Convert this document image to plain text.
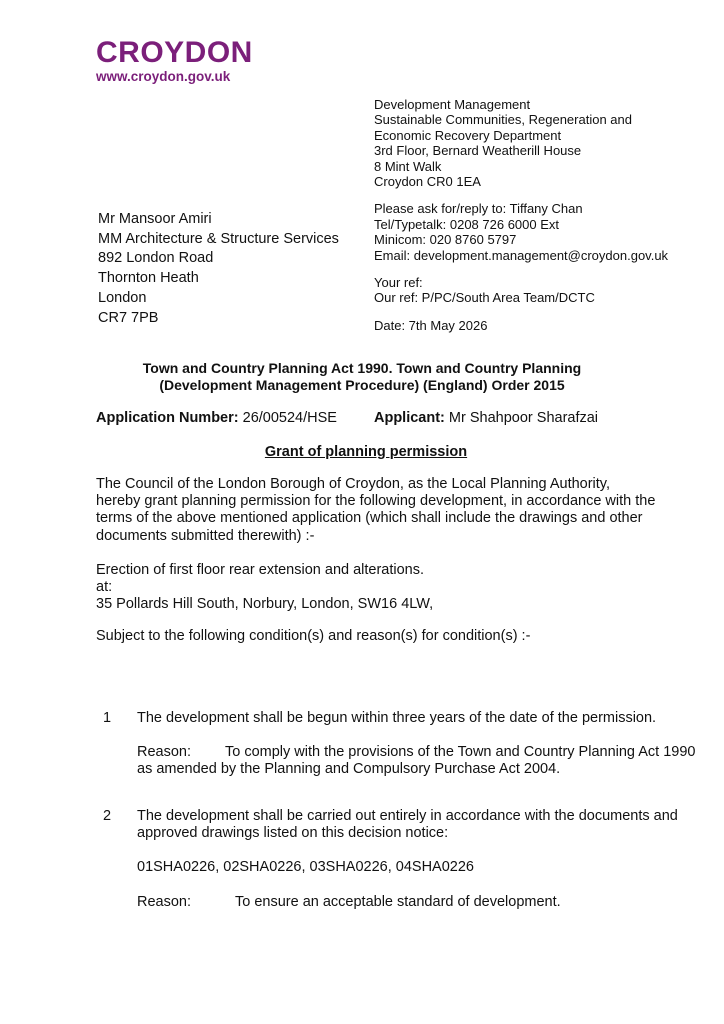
CROYDON
www.croydon.gov.uk
Development Management
Sustainable Communities, Regeneration and
Economic Recovery Department
3rd Floor, Bernard Weatherill House
8 Mint Walk
Croydon CR0 1EA
Please ask for/reply to: Tiffany Chan
Tel/Typetalk: 0208 726 6000 Ext
Minicom: 020 8760 5797
Email: development.management@croydon.gov.uk
Your ref:
Our ref: P/PC/South Area Team/DCTC
Date: 7th May 2026
Mr Mansoor Amiri
MM Architecture & Structure Services
892 London Road
Thornton Heath
London
CR7 7PB
Town and Country Planning Act 1990. Town and Country Planning
(Development Management Procedure) (England) Order 2015
Application Number: 26/00524/HSE	Applicant: Mr Shahpoor Sharafzai
Grant of planning permission
The Council of the London Borough of Croydon, as the Local Planning Authority, hereby grant planning permission for the following development, in accordance with the terms of the above mentioned application (which shall include the drawings and other documents submitted therewith) :-
Erection of first floor rear extension and alterations.
at:
35 Pollards Hill South, Norbury, London, SW16 4LW,
Subject to the following condition(s) and reason(s) for condition(s) :-
1 The development shall be begun within three years of the date of the permission.
Reason: To comply with the provisions of the Town and Country Planning Act 1990
as amended by the Planning and Compulsory Purchase Act 2004.
2 The development shall be carried out entirely in accordance with the documents and approved drawings listed on this decision notice:
01SHA0226, 02SHA0226, 03SHA0226, 04SHA0226
Reason:	To ensure an acceptable standard of development.
